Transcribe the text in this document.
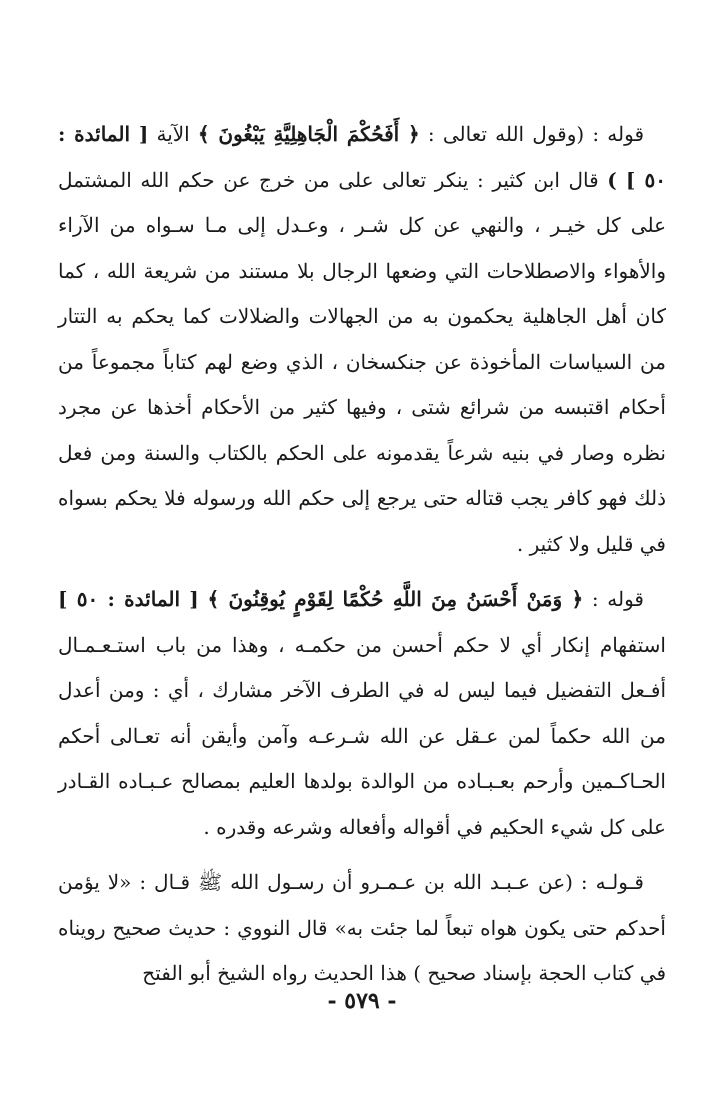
قوله : (وقول الله تعالى : ﴿ أَفَحُكْمَ الْجَاهِلِيَّةِ يَبْغُونَ ﴾ الآية [ المائدة : ٥٠ ] ) قال ابن كثير : ينكر تعالى على من خرج عن حكم الله المشتمل على كل خيـر ، والنهي عن كل شـر ، وعـدل إلى مـا سـواه من الآراء والأهواء والاصطلاحات التي وضعها الرجال بلا مستند من شريعة الله ، كما كان أهل الجاهلية يحكمون به من الجهالات والضلالات كما يحكم به التتار من السياسات المأخوذة عن جنكسخان ، الذي وضع لهم كتاباً مجموعاً من أحكام اقتبسه من شرائع شتى ، وفيها كثير من الأحكام أخذها عن مجرد نظره وصار في بنيه شرعاً يقدمونه على الحكم بالكتاب والسنة ومن فعل ذلك فهو كافر يجب قتاله حتى يرجع إلى حكم الله ورسوله فلا يحكم بسواه في قليل ولا كثير .

قوله : ﴿ وَمَنْ أَحْسَنُ مِنَ اللَّهِ حُكْمًا لِقَوْمٍ يُوقِنُونَ ﴾ [ المائدة : ٥٠ ] استفهام إنكار أي لا حكم أحسن من حكمـه ، وهذا من باب استـعـمـال أفـعل التفضيل فيما ليس له في الطرف الآخر مشارك ، أي : ومن أعدل من الله حكماً لمن عـقل عن الله شـرعـه وآمن وأيقن أنه تعـالى أحكم الحـاكـمين وأرحم بعـبـاده من الوالدة بولدها العليم بمصالح عـبـاده القـادر على كل شيء الحكيم في أقواله وأفعاله وشرعه وقدره .

قـولـه : (عن عـبـد الله بن عـمـرو أن رسـول الله ﷺ قـال : «لا يؤمن أحدكم حتى يكون هواه تبعاً لما جئت به» قال النووي : حديث صحيح رويناه في كتاب الحجة بإسناد صحيح ) هذا الحديث رواه الشيخ أبو الفتح

- ٥٧٩ -
